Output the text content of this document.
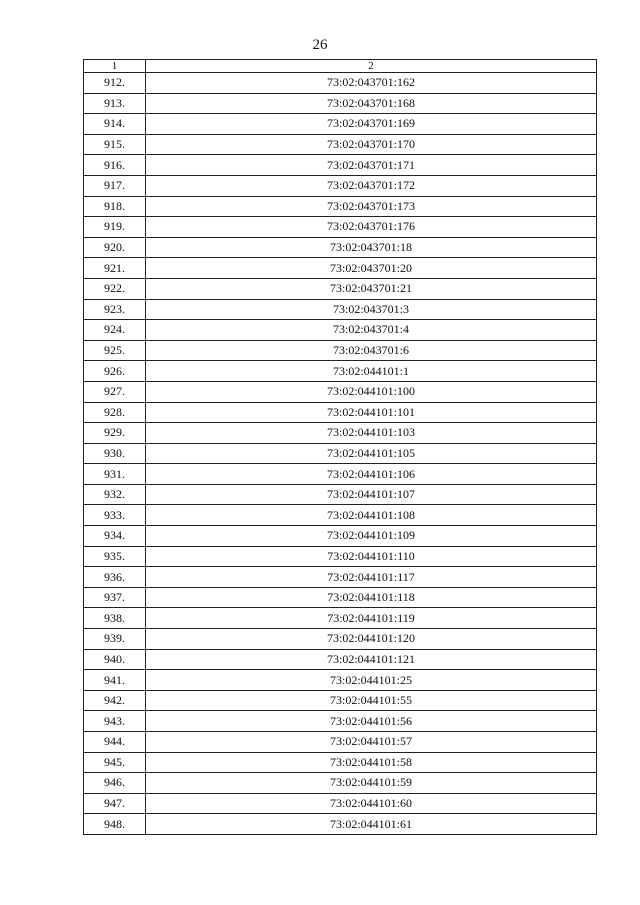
26
1	2
912.	73:02:043701:162
913.	73:02:043701:168
914.	73:02:043701:169
915.	73:02:043701:170
916.	73:02:043701:171
917.	73:02:043701:172
918.	73:02:043701:173
919.	73:02:043701:176
920.	73:02:043701:18
921.	73:02:043701:20
922.	73:02:043701:21
923.	73:02:043701:3
924.	73:02:043701:4
925.	73:02:043701:6
926.	73:02:044101:1
927.	73:02:044101:100
928.	73:02:044101:101
929.	73:02:044101:103
930.	73:02:044101:105
931.	73:02:044101:106
932.	73:02:044101:107
933.	73:02:044101:108
934.	73:02:044101:109
935.	73:02:044101:110
936.	73:02:044101:117
937.	73:02:044101:118
938.	73:02:044101:119
939.	73:02:044101:120
940.	73:02:044101:121
941.	73:02:044101:25
942.	73:02:044101:55
943.	73:02:044101:56
944.	73:02:044101:57
945.	73:02:044101:58
946.	73:02:044101:59
947.	73:02:044101:60
948.	73:02:044101:61
